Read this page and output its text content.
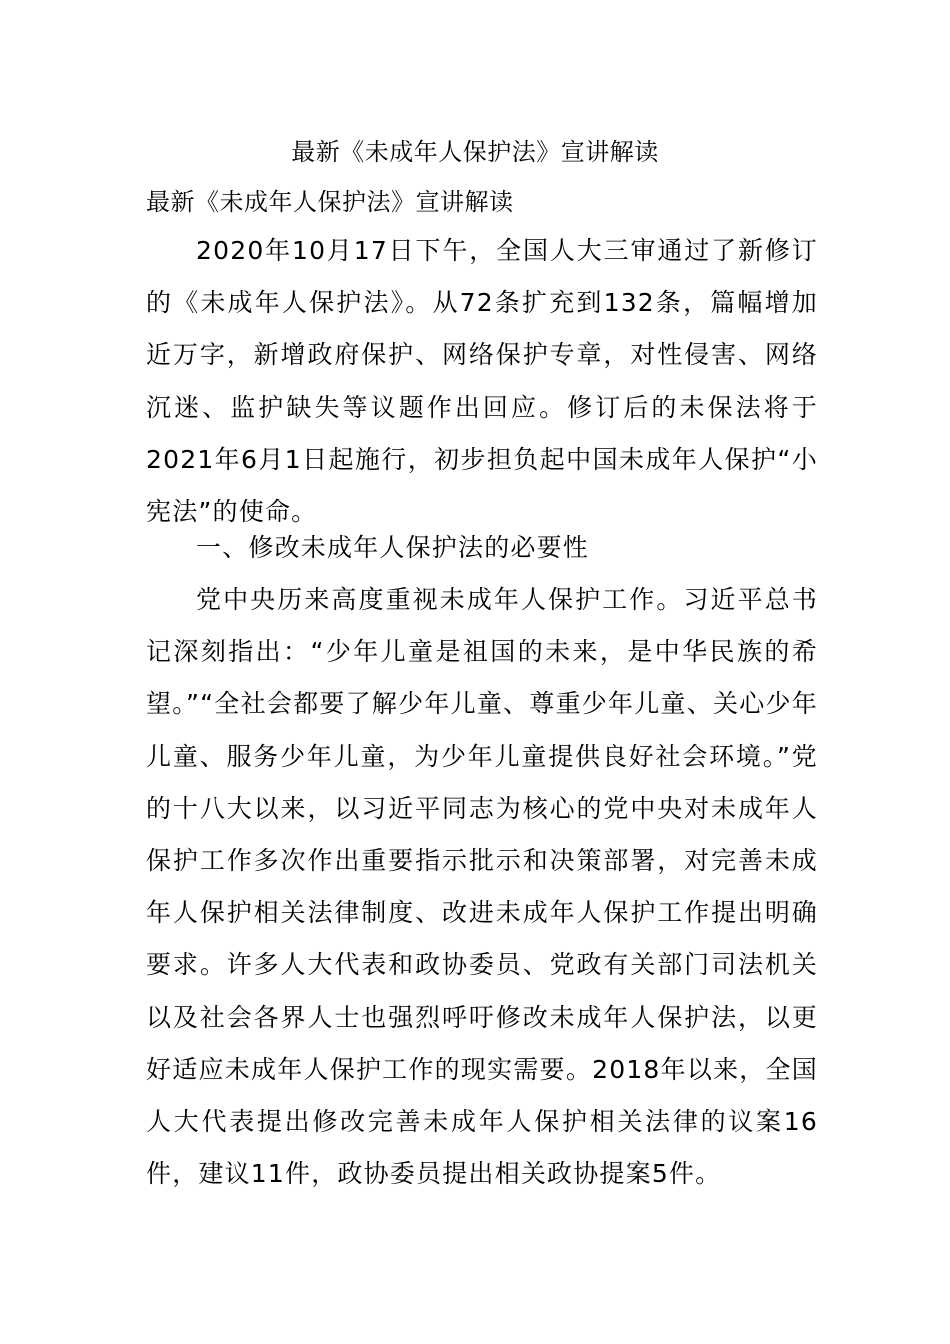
最新《未成年人保护法》宣讲解读
最新《未成年人保护法》宣讲解读

2020年10月17日下午，全国人大三审通过了新修订的《未成年人保护法》。从72条扩充到132条，篇幅增加近万字，新增政府保护、网络保护专章，对性侵害、网络沉迷、监护缺失等议题作出回应。修订后的未保法将于2021年6月1日起施行，初步担负起中国未成年人保护“小宪法”的使命。

一、修改未成年人保护法的必要性

党中央历来高度重视未成年人保护工作。习近平总书记深刻指出：“少年儿童是祖国的未来，是中华民族的希望。”“全社会都要了解少年儿童、尊重少年儿童、关心少年儿童、服务少年儿童，为少年儿童提供良好社会环境。”党的十八大以来，以习近平同志为核心的党中央对未成年人保护工作多次作出重要指示批示和决策部署，对完善未成年人保护相关法律制度、改进未成年人保护工作提出明确要求。许多人大代表和政协委员、党政有关部门司法机关以及社会各界人士也强烈呼吁修改未成年人保护法，以更好适应未成年人保护工作的现实需要。2018年以来，全国人大代表提出修改完善未成年人保护相关法律的议案16件，建议11件，政协委员提出相关政协提案5件。
